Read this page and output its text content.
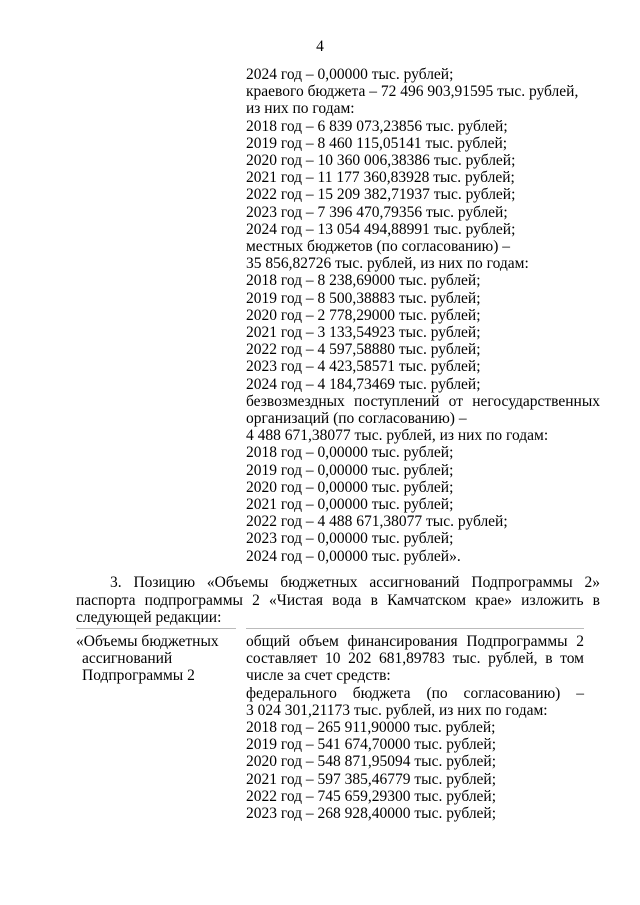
4
2024 год – 0,00000 тыс. рублей;
краевого бюджета – 72 496 903,91595 тыс. рублей,
из них по годам:
2018 год – 6 839 073,23856 тыс. рублей;
2019 год – 8 460 115,05141 тыс. рублей;
2020 год – 10 360 006,38386 тыс. рублей;
2021 год – 11 177 360,83928 тыс. рублей;
2022 год – 15 209 382,71937 тыс. рублей;
2023 год – 7 396 470,79356 тыс. рублей;
2024 год – 13 054 494,88991 тыс. рублей;
местных бюджетов (по согласованию) –
35 856,82726 тыс. рублей, из них по годам:
2018 год – 8 238,69000 тыс. рублей;
2019 год – 8 500,38883 тыс. рублей;
2020 год – 2 778,29000 тыс. рублей;
2021 год – 3 133,54923 тыс. рублей;
2022 год – 4 597,58880 тыс. рублей;
2023 год – 4 423,58571 тыс. рублей;
2024 год – 4 184,73469 тыс. рублей;
безвозмездных поступлений от негосударственных
организаций (по согласованию) –
4 488 671,38077 тыс. рублей, из них по годам:
2018 год – 0,00000 тыс. рублей;
2019 год – 0,00000 тыс. рублей;
2020 год – 0,00000 тыс. рублей;
2021 год – 0,00000 тыс. рублей;
2022 год – 4 488 671,38077 тыс. рублей;
2023 год – 0,00000 тыс. рублей;
2024 год – 0,00000 тыс. рублей».
3. Позицию «Объемы бюджетных ассигнований Подпрограммы 2»
паспорта подпрограммы 2 «Чистая вода в Камчатском крае» изложить в
следующей редакции:
«Объемы бюджетных
ассигнований
Подпрограммы 2
общий объем финансирования Подпрограммы 2
составляет 10 202 681,89783 тыс. рублей, в том
числе за счет средств:
федерального бюджета (по согласованию) –
3 024 301,21173 тыс. рублей, из них по годам:
2018 год – 265 911,90000 тыс. рублей;
2019 год – 541 674,70000 тыс. рублей;
2020 год – 548 871,95094 тыс. рублей;
2021 год – 597 385,46779 тыс. рублей;
2022 год – 745 659,29300 тыс. рублей;
2023 год – 268 928,40000 тыс. рублей;
